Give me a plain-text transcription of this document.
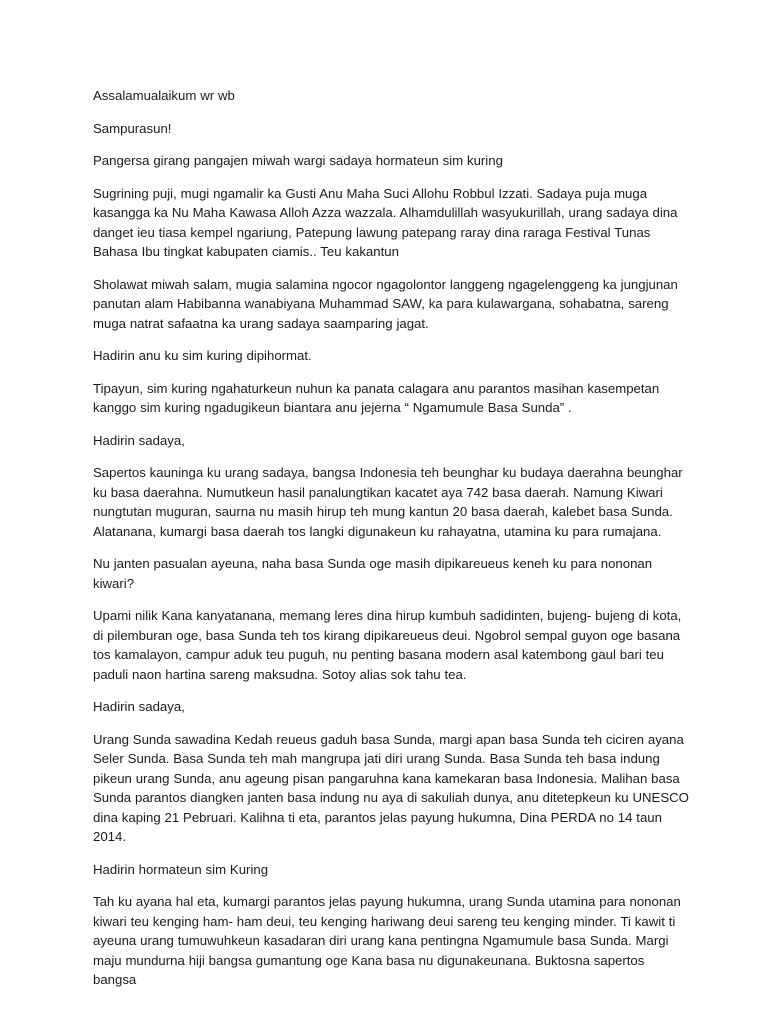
Assalamualaikum wr wb

Sampurasun!

Pangersa girang pangajen miwah wargi sadaya hormateun sim kuring

Sugrining puji, mugi ngamalir ka Gusti Anu Maha Suci Allohu Robbul Izzati. Sadaya puja muga kasangga ka Nu Maha Kawasa Alloh Azza wazzala. Alhamdulillah wasyukurillah, urang sadaya dina danget ieu tiasa kempel ngariung, Patepung lawung patepang raray dina raraga Festival Tunas Bahasa Ibu tingkat kabupaten ciamis.. Teu kakantun

Sholawat miwah salam, mugia salamina ngocor ngagolontor langgeng ngagelenggeng ka jungjunan panutan alam Habibanna wanabiyana Muhammad SAW, ka para kulawargana, sohabatna, sareng muga natrat safaatna ka urang sadaya saamparing jagat.

Hadirin anu ku sim kuring dipihormat.

Tipayun, sim kuring ngahaturkeun nuhun ka panata calagara anu parantos masihan kasempetan kanggo sim kuring ngadugikeun biantara anu jejerna “ Ngamumule Basa Sunda” .

Hadirin sadaya,

Sapertos kauninga ku urang sadaya, bangsa Indonesia teh beunghar ku budaya daerahna beunghar ku basa daerahna. Numutkeun hasil panalungtikan kacatet aya 742 basa daerah. Namung Kiwari nungtutan muguran, saurna nu masih hirup teh mung kantun 20 basa daerah, kalebet basa Sunda. Alatanana, kumargi basa daerah tos langki digunakeun ku rahayatna, utamina ku para rumajana.

Nu janten pasualan ayeuna, naha basa Sunda oge masih dipikareueus keneh ku para nononan kiwari?

Upami nilik Kana kanyatanana, memang leres dina hirup kumbuh sadidinten, bujeng- bujeng di kota, di pilemburan oge, basa Sunda teh tos kirang dipikareueus deui. Ngobrol sempal guyon oge basana tos kamalayon, campur aduk teu puguh, nu penting basana modern asal katembong gaul bari teu paduli naon hartina sareng maksudna. Sotoy alias sok tahu tea.

Hadirin sadaya,

Urang Sunda sawadina Kedah reueus gaduh basa Sunda, margi apan basa Sunda teh ciciren ayana Seler Sunda. Basa Sunda teh mah mangrupa jati diri urang Sunda. Basa Sunda teh basa indung pikeun urang Sunda, anu ageung pisan pangaruhna kana kamekaran basa Indonesia. Malihan basa Sunda parantos diangken janten basa indung nu aya di sakuliah dunya, anu ditetepkeun ku UNESCO dina kaping 21 Pebruari. Kalihna ti eta, parantos jelas payung hukumna, Dina PERDA no 14 taun 2014.

Hadirin hormateun sim Kuring

Tah ku ayana hal eta, kumargi parantos jelas payung hukumna, urang Sunda utamina para nononan kiwari teu kenging ham- ham deui, teu kenging hariwang deui sareng teu kenging minder. Ti kawit ti ayeuna urang tumuwuhkeun kasadaran diri urang kana pentingna Ngamumule basa Sunda. Margi maju mundurna hiji bangsa gumantung oge Kana basa nu digunakeunana. Buktosna sapertos bangsa
